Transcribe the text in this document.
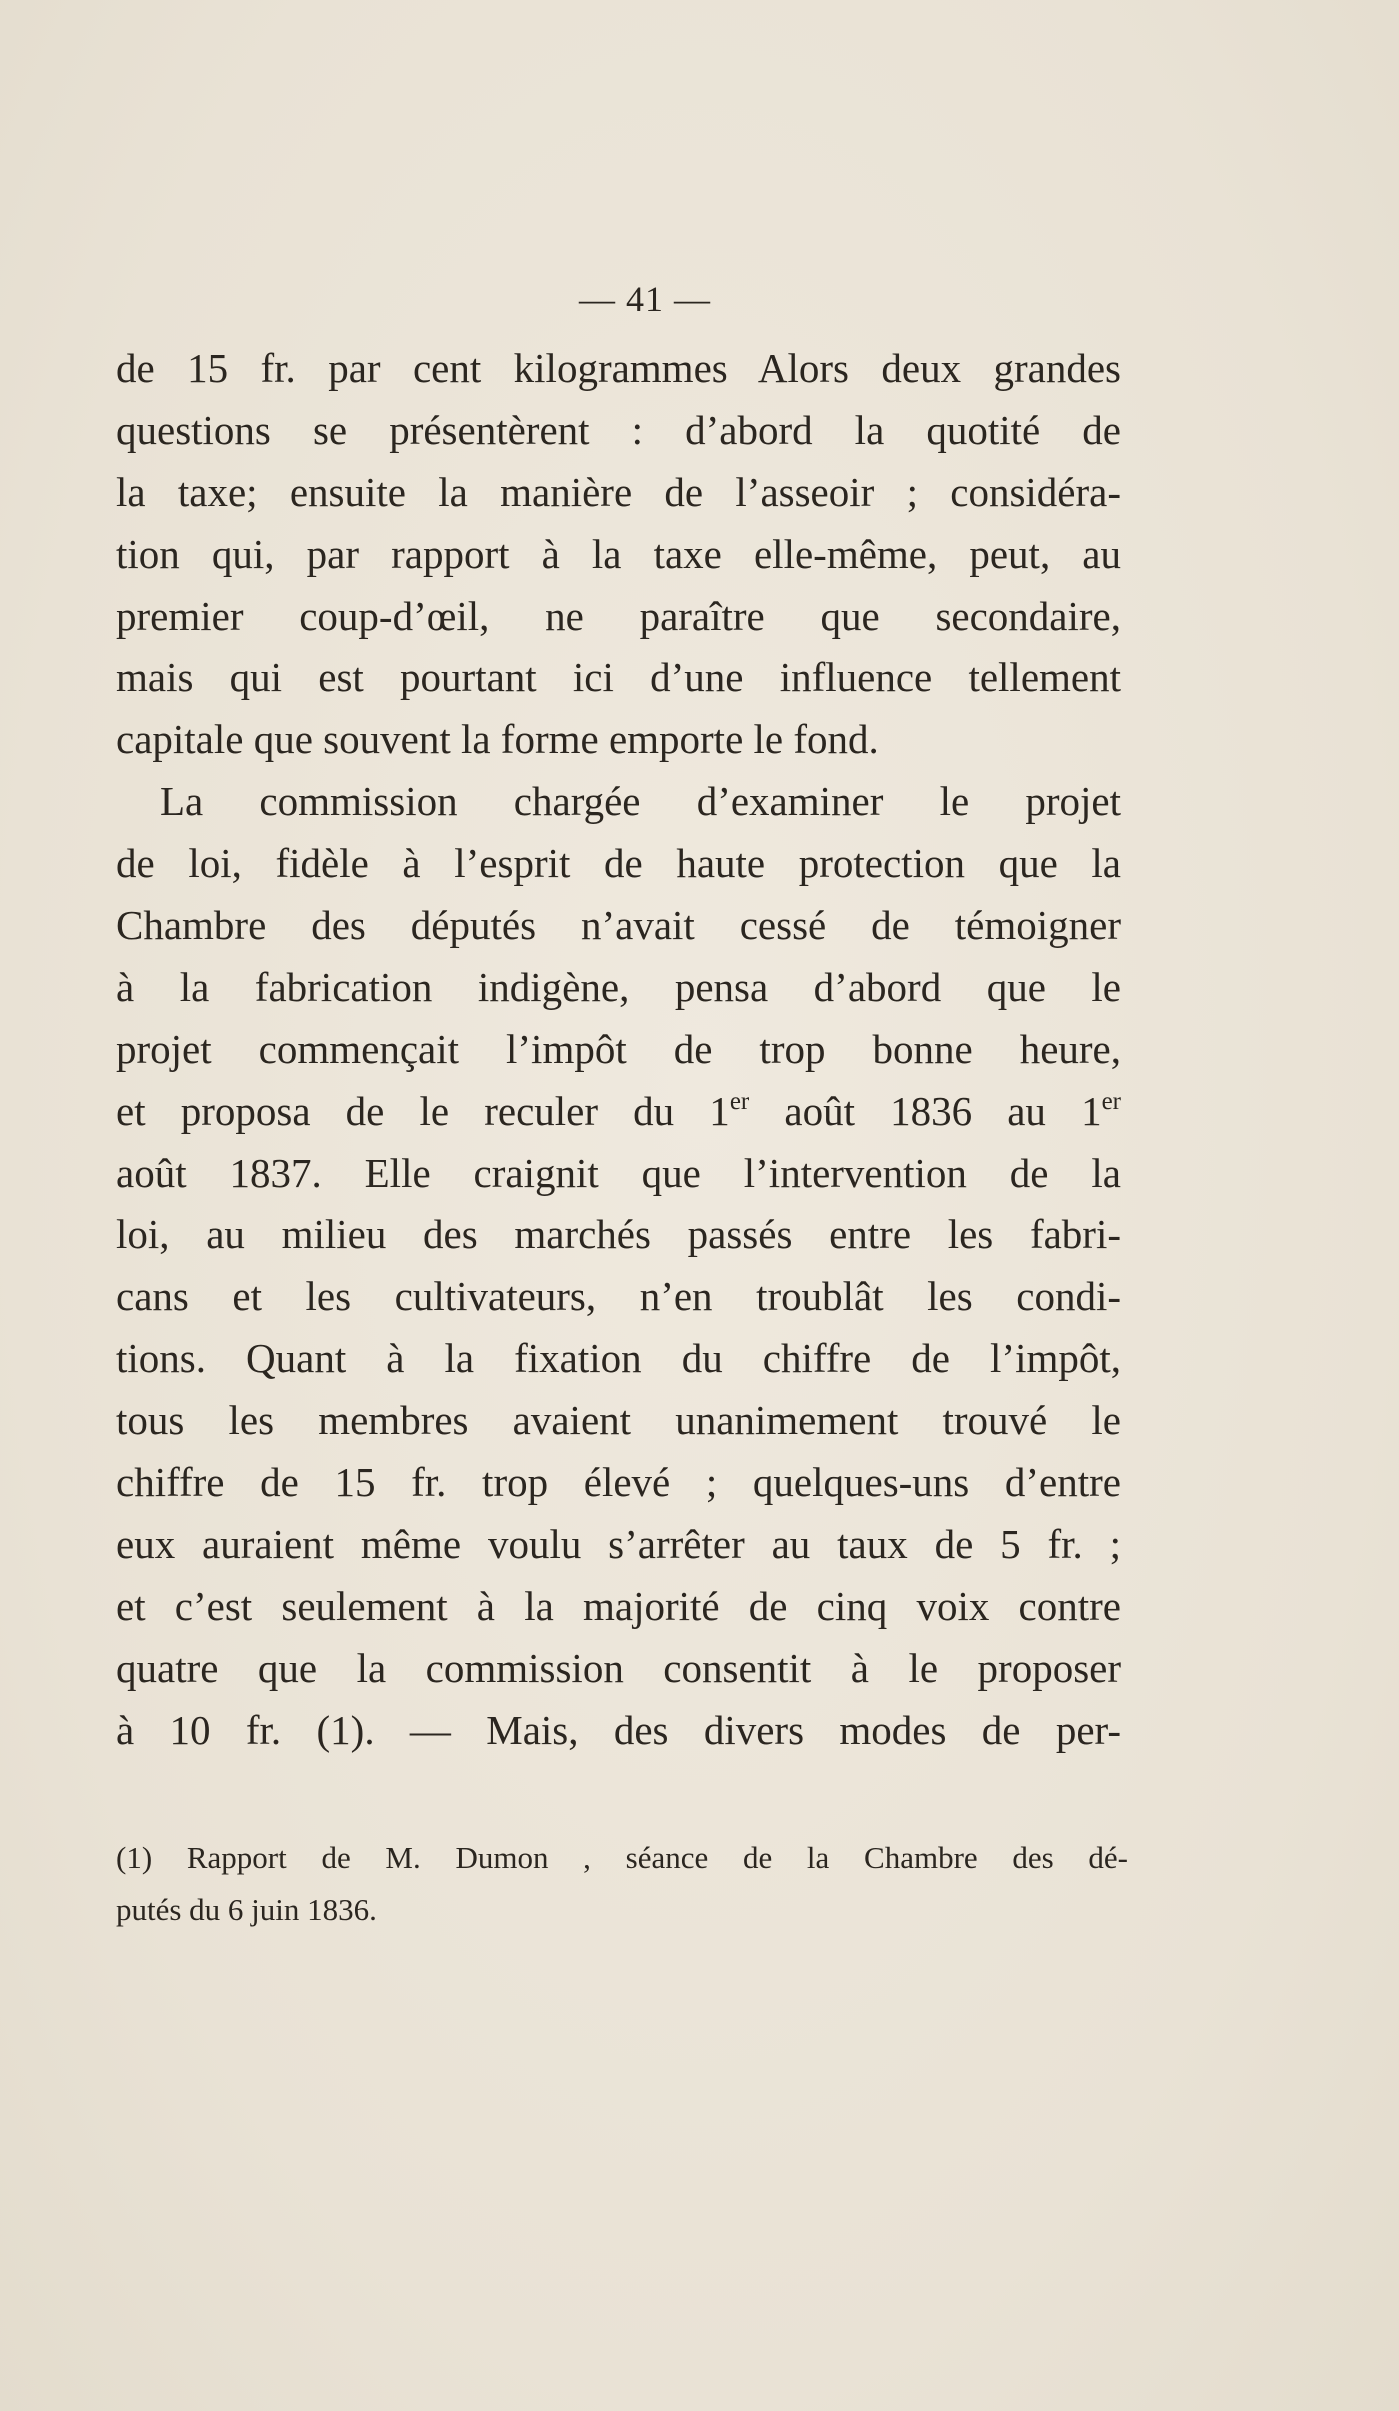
— 41 —
de 15 fr. par cent kilogrammes Alors deux grandes
questions se présentèrent : d’abord la quotité de
la taxe; ensuite la manière de l’asseoir ; considéra-
tion qui, par rapport à la taxe elle-même, peut, au
premier coup-d’œil, ne paraître que secondaire,
mais qui est pourtant ici d’une influence tellement
capitale que souvent la forme emporte le fond.
La commission chargée d’examiner le projet
de loi, fidèle à l’esprit de haute protection que la
Chambre des députés n’avait cessé de témoigner
à la fabrication indigène, pensa d’abord que le
projet commençait l’impôt de trop bonne heure,
et proposa de le reculer du 1er août 1836 au 1er
août 1837. Elle craignit que l’intervention de la
loi, au milieu des marchés passés entre les fabri-
cans et les cultivateurs, n’en troublât les condi-
tions. Quant à la fixation du chiffre de l’impôt,
tous les membres avaient unanimement trouvé le
chiffre de 15 fr. trop élevé ; quelques-uns d’entre
eux auraient même voulu s’arrêter au taux de 5 fr. ;
et c’est seulement à la majorité de cinq voix contre
quatre que la commission consentit à le proposer
à 10 fr. (1). — Mais, des divers modes de per-
(1) Rapport de M. Dumon , séance de la Chambre des dé-
putés du 6 juin 1836.
